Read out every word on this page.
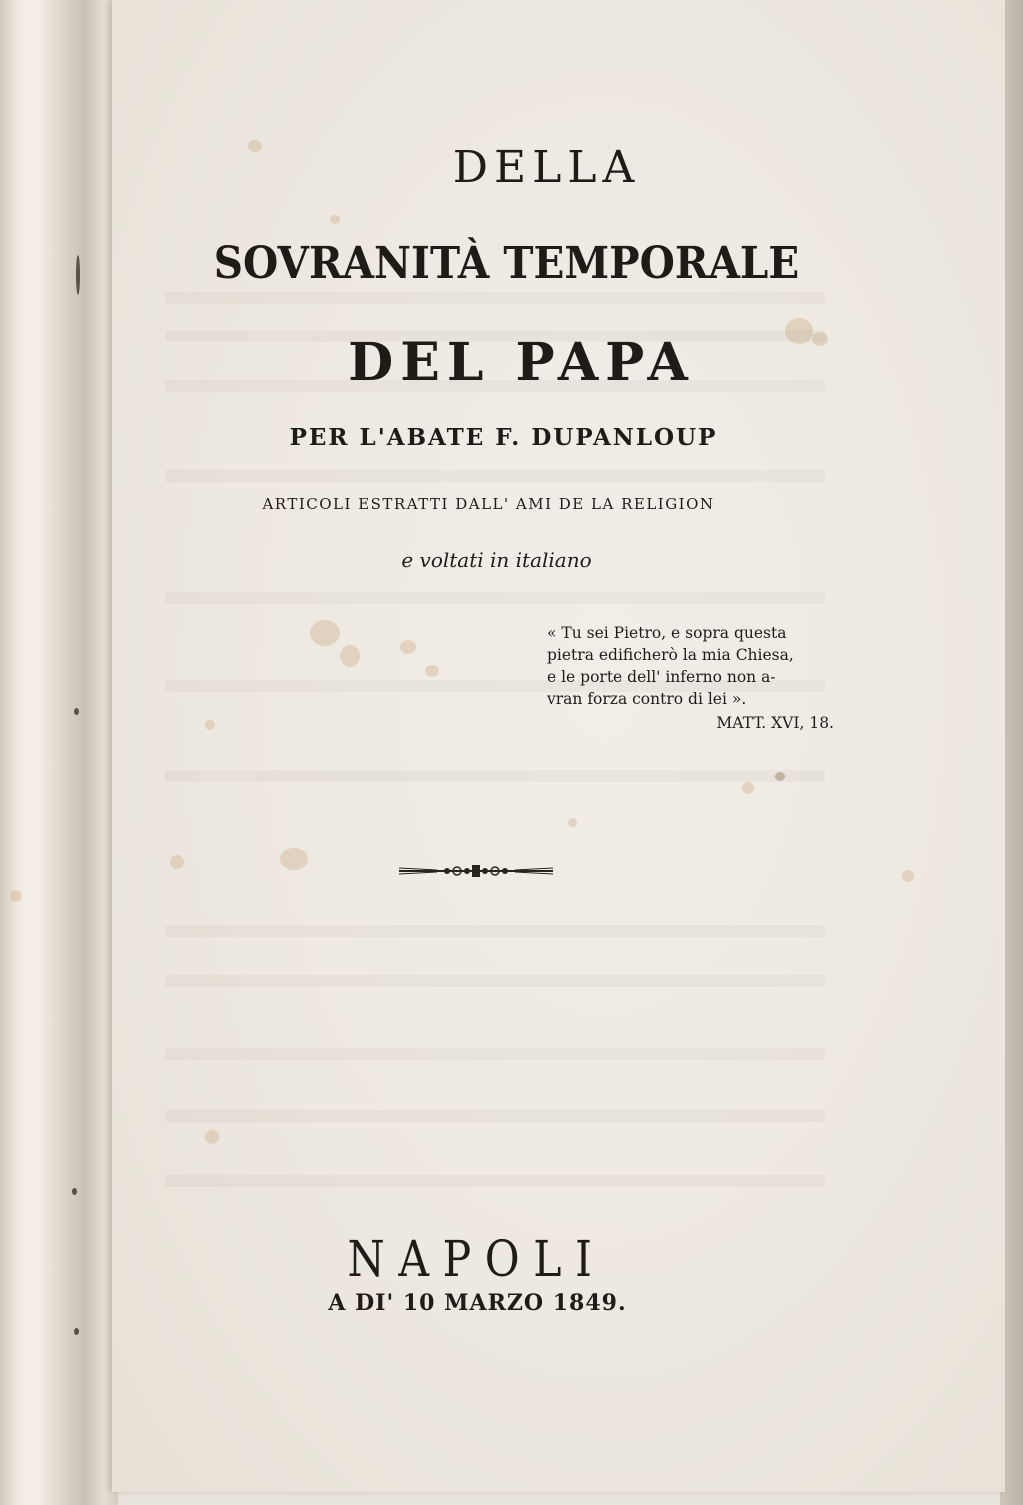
DELLA
SOVRANITÀ TEMPORALE
DEL PAPA
PER L'ABATE F. DUPANLOUP
ARTICOLI ESTRATTI DALL' AMI DE LA RELIGION
e voltati in italiano
« Tu sei Pietro, e sopra questa
pietra edificherò la mia Chiesa,
e le porte dell' inferno non a-
vran forza contro di lei ».
MATT. XVI, 18.
NAPOLI
A DI' 10 MARZO 1849.
